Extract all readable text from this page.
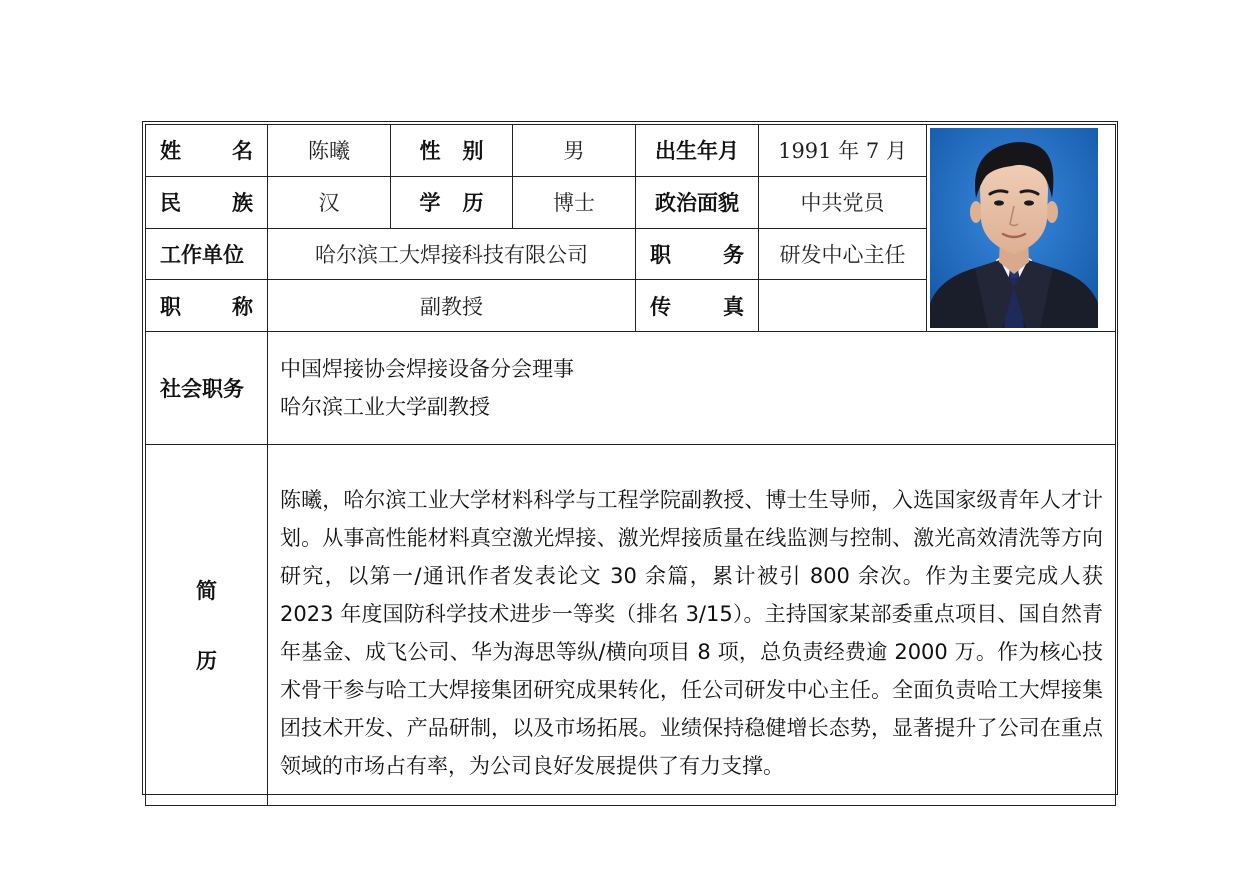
姓 名	陈曦	性 别	男	出生年月	1991 年 7 月	

民 族	汉	学 历	博士	政治面貌	中共党员	
工作单位	哈尔滨工大焊接科技有限公司			职 务	研发中心主任	

职 称	副教授			传 真		

社会职务	中国焊接协会焊接设备分会理事
哈尔滨工业大学副教授					

简
历	陈曦，哈尔滨工业大学材料科学与工程学院副教授、博士生导师，入选国家级青年人才计划。从事高性能材料真空激光焊接、激光焊接质量在线监测与控制、激光高效清洗等方向研究，以第一/通讯作者发表论文 30 余篇，累计被引 800 余次。作为主要完成人获 2023 年度国防科学技术进步一等奖（排名 3/15）。主持国家某部委重点项目、国自然青年基金、成飞公司、华为海思等纵/横向项目 8 项，总负责经费逾 2000 万。作为核心技术骨干参与哈工大焊接集团研究成果转化，任公司研发中心主任。全面负责哈工大焊接集团技术开发、产品研制，以及市场拓展。业绩保持稳健增长态势，显著提升了公司在重点领域的市场占有率，为公司良好发展提供了有力支撑。					
